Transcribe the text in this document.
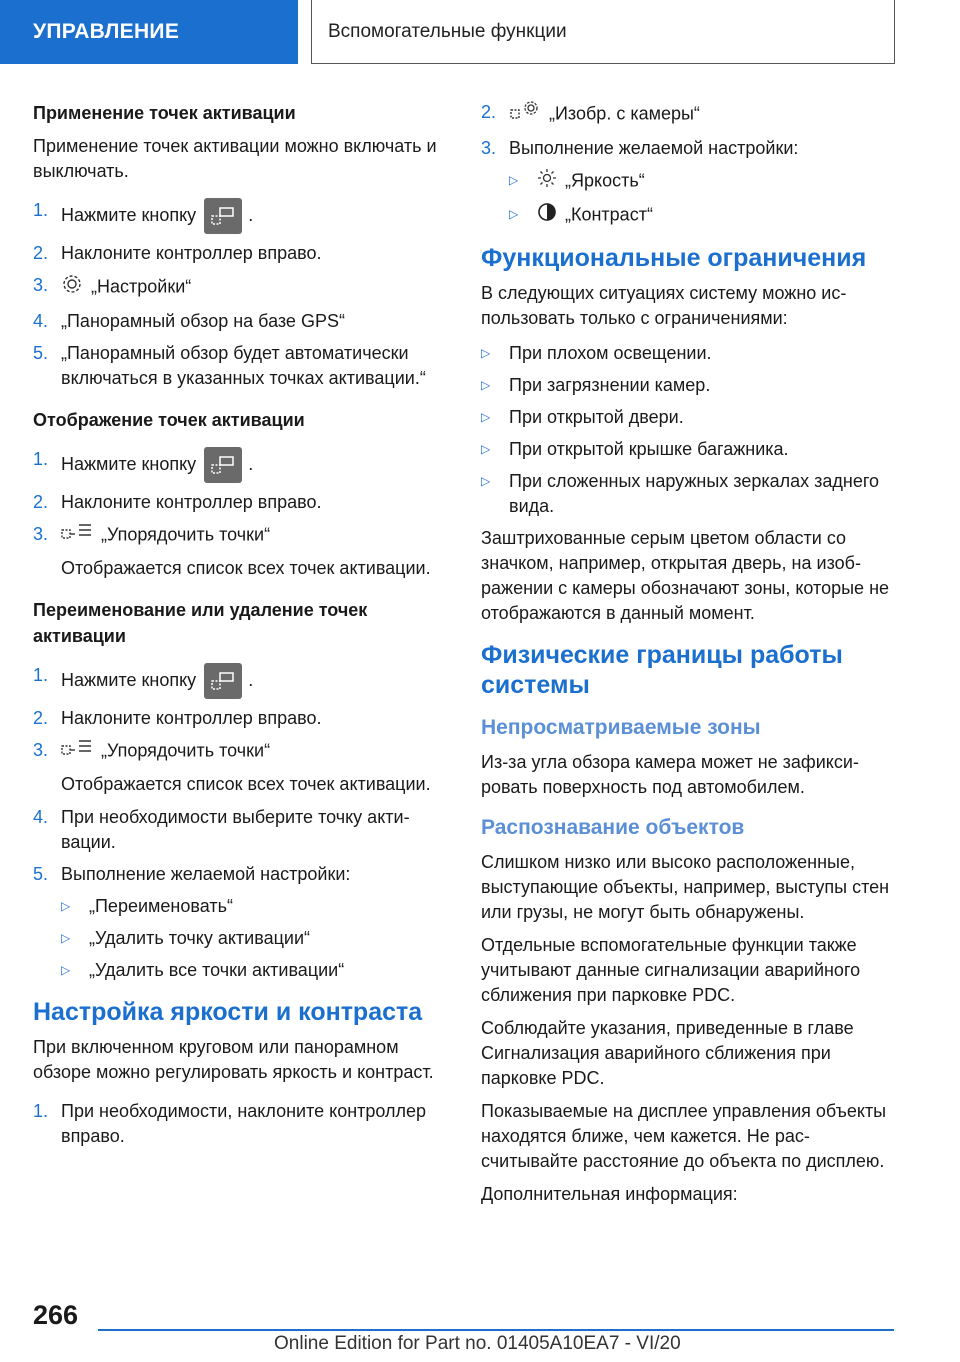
УПРАВЛЕНИЕ	Вспомогательные функции
Применение точек активации

Применение точек активации можно включать и выключать.

1. Нажмите кнопку	.
2. Наклоните контроллер вправо.
3. „Настройки“
4. „Панорамный обзор на базе GPS“
5. „Панорамный обзор будет автоматически включаться в указанных точках активации.“
Отображение точек активации
1. Нажмите кнопку	.
2. Наклоните контроллер вправо.
3.	„Упорядочить точки“

Отображается список всех точек активации.

Переименование или удаление точек активации
1. Нажмите кнопку	.
2. Наклоните контроллер вправо.
3.	„Упорядочить точки“

Отображается список всех точек активации.

4. При необходимости выберите точку активации.
5. Выполнение желаемой настройки:
▷ „Переименовать“
▷ „Удалить точку активации“
▷ „Удалить все точки активации“
Настройка яркости и контраста

При включенном круговом или панорамном обзоре можно регулировать яркость и контраст.

1. При необходимости, наклоните контроллер вправо.
2.	„Изобр. с камеры“
3. Выполнение желаемой настройки:
▷	„Яркость“
▷	„Контраст“
Функциональные ограничения

В следующих ситуациях систему можно использовать только с ограничениями:

▷ При плохом освещении.
▷ При загрязнении камер.
▷ При открытой двери.
▷ При открытой крышке багажника.
▷ При сложенных наружных зеркалах заднего вида.

Заштрихованные серым цветом области со значком, например, открытая дверь, на изображении с камеры обозначают зоны, которые не отображаются в данный момент.

Физические границы работы системы
Непросматриваемые зоны

Из-за угла обзора камера может не зафиксировать поверхность под автомобилем.

Распознавание объектов

Слишком низко или высоко расположенные, выступающие объекты, например, выступы стен или грузы, не могут быть обнаружены.

Отдельные вспомогательные функции также учитывают данные сигнализации аварийного сближения при парковке PDC.

Соблюдайте указания, приведенные в главе Сигнализация аварийного сближения при парковке PDC.

Показываемые на дисплее управления объекты находятся ближе, чем кажется. Не рассчитывайте расстояние до объекта по дисплею.

Дополнительная информация:

266
Online Edition for Part no. 01405A10EA7 - VI/20
